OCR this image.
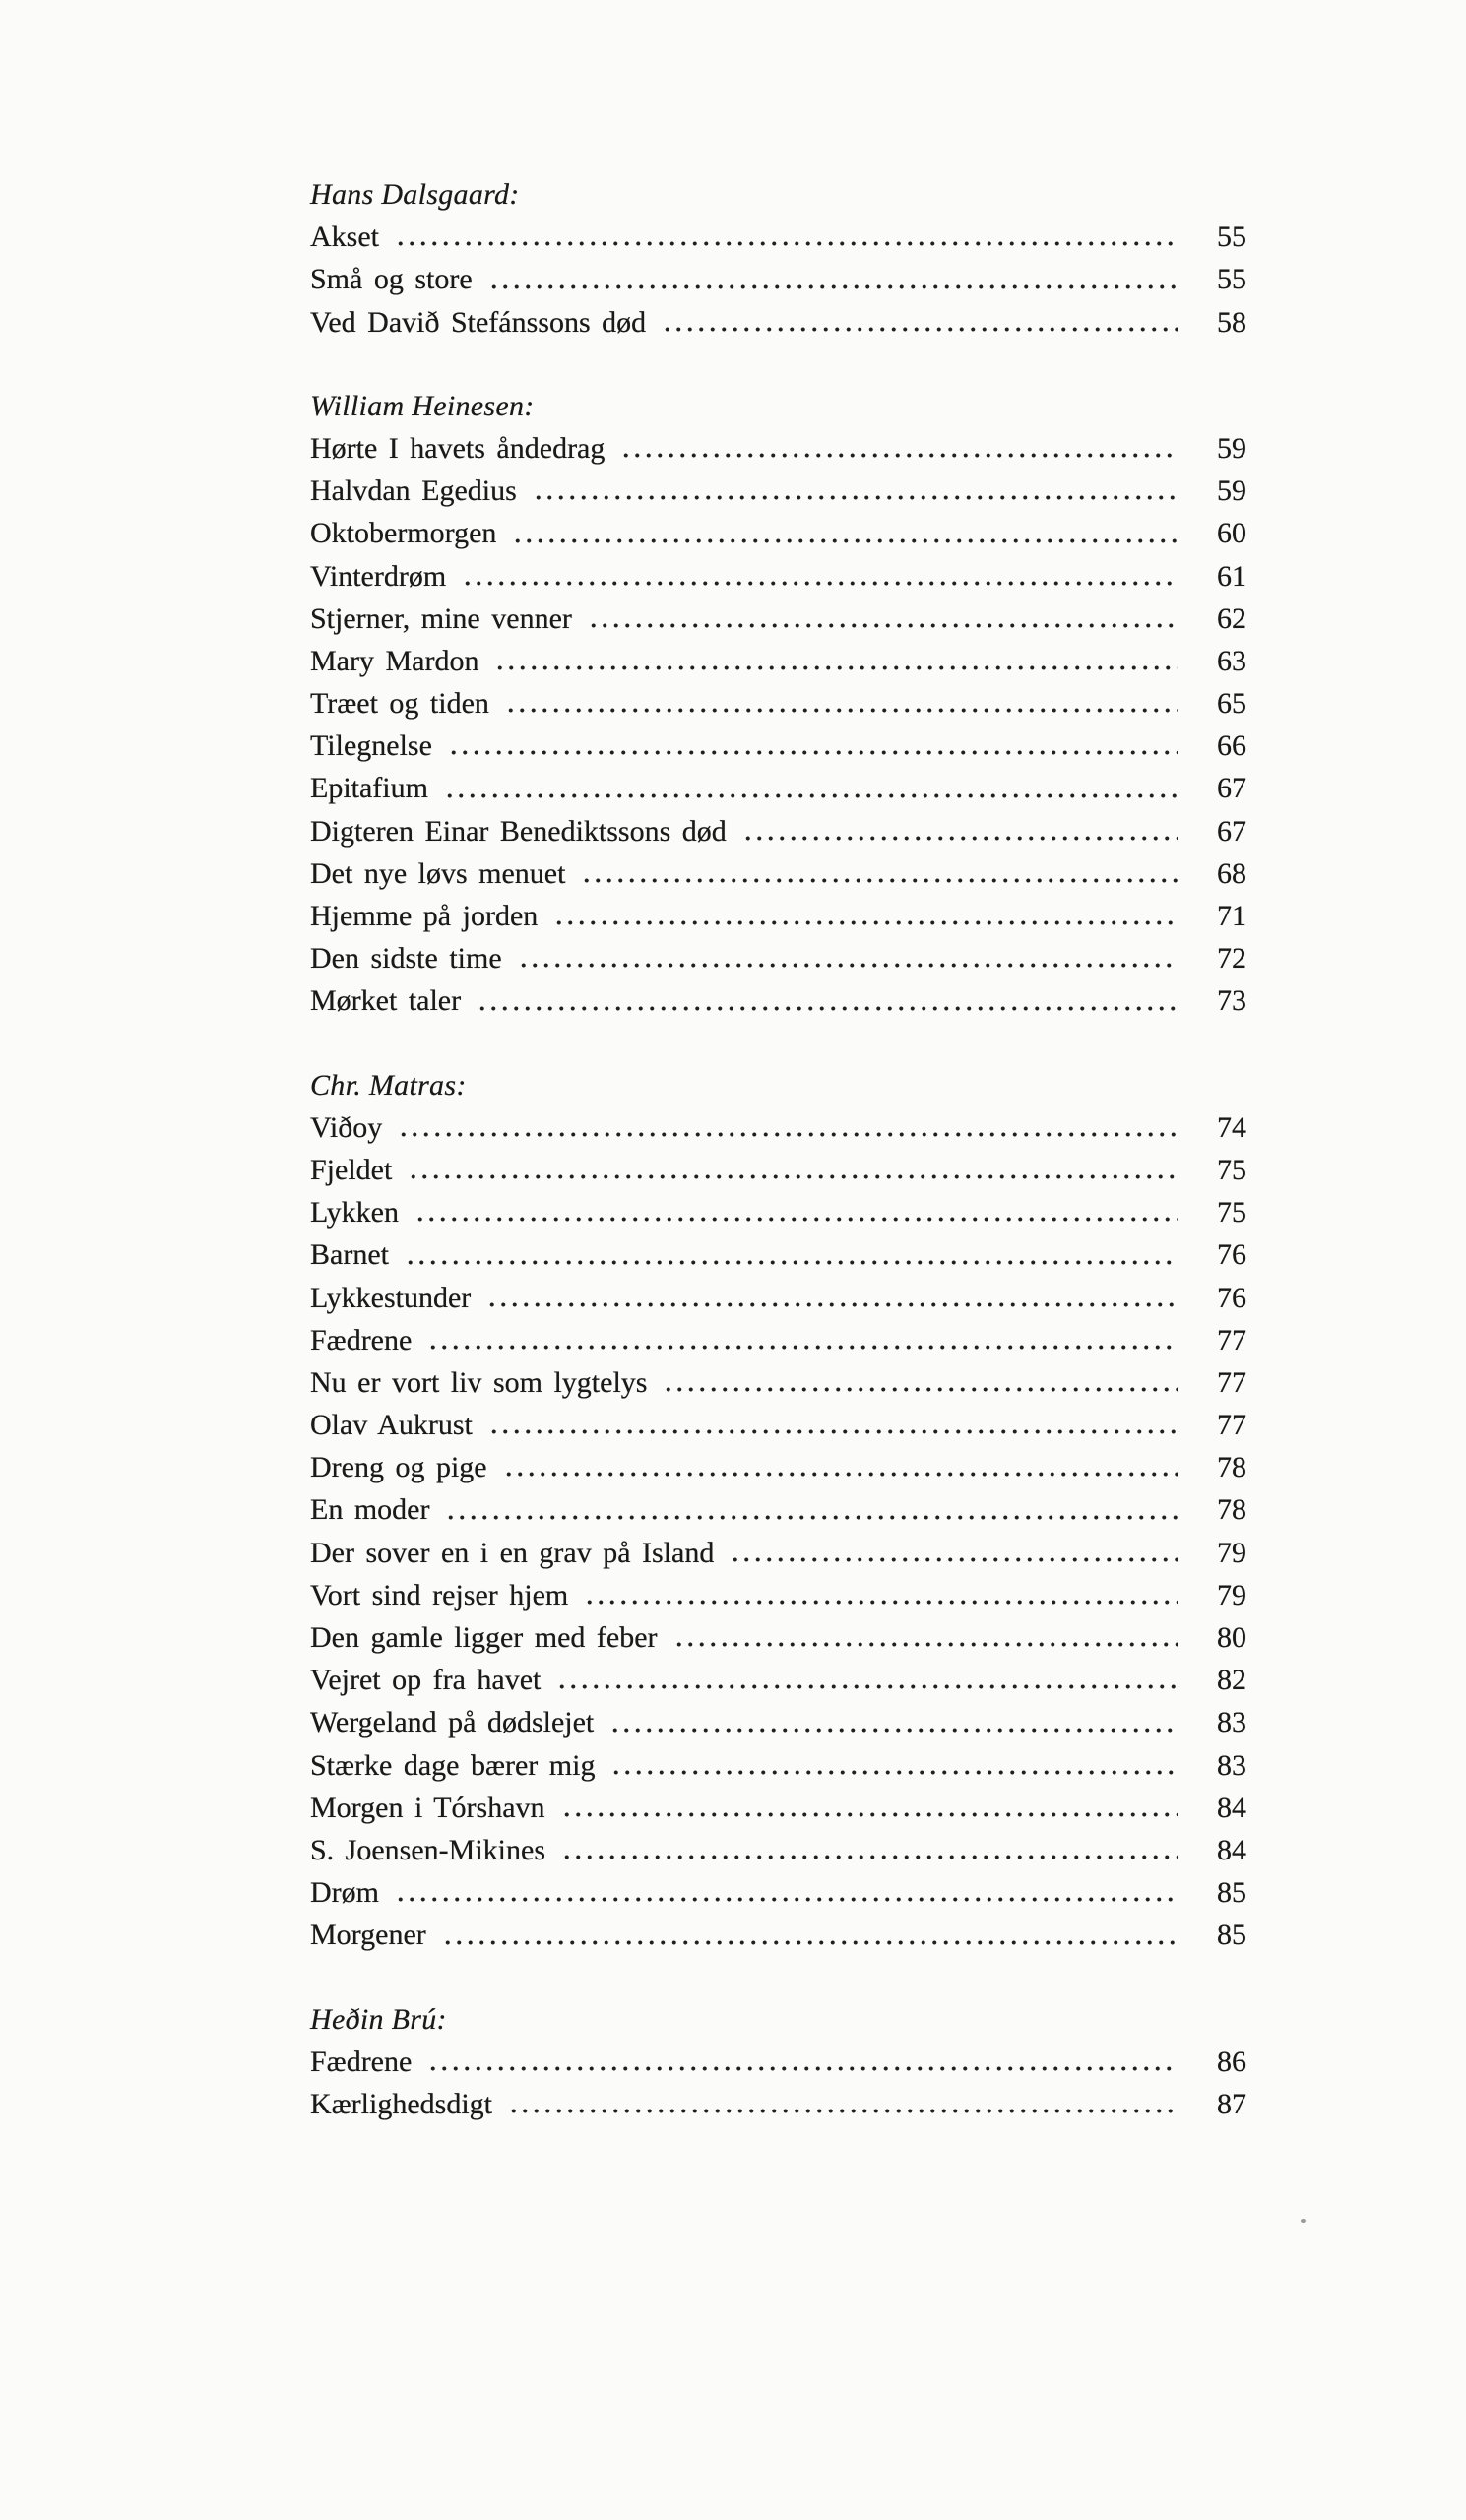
Hans Dalsgaard:
Akset	55
Små og store	55
Ved Davið Stefánssons død	58
William Heinesen:
Hørte I havets åndedrag	59
Halvdan Egedius	59
Oktobermorgen	60
Vinterdrøm	61
Stjerner, mine venner	62
Mary Mardon	63
Træet og tiden	65
Tilegnelse	66
Epitafium	67
Digteren Einar Benediktssons død	67
Det nye løvs menuet	68
Hjemme på jorden	71
Den sidste time	72
Mørket taler	73
Chr. Matras:
Viðoy	74
Fjeldet	75
Lykken	75
Barnet	76
Lykkestunder	76
Fædrene	77
Nu er vort liv som lygtelys	77
Olav Aukrust	77
Dreng og pige	78
En moder	78
Der sover en i en grav på Island	79
Vort sind rejser hjem	79
Den gamle ligger med feber	80
Vejret op fra havet	82
Wergeland på dødslejet	83
Stærke dage bærer mig	83
Morgen i Tórshavn	84
S. Joensen-Mikines	84
Drøm	85
Morgener	85
Heðin Brú:
Fædrene	86
Kærlighedsdigt	87
